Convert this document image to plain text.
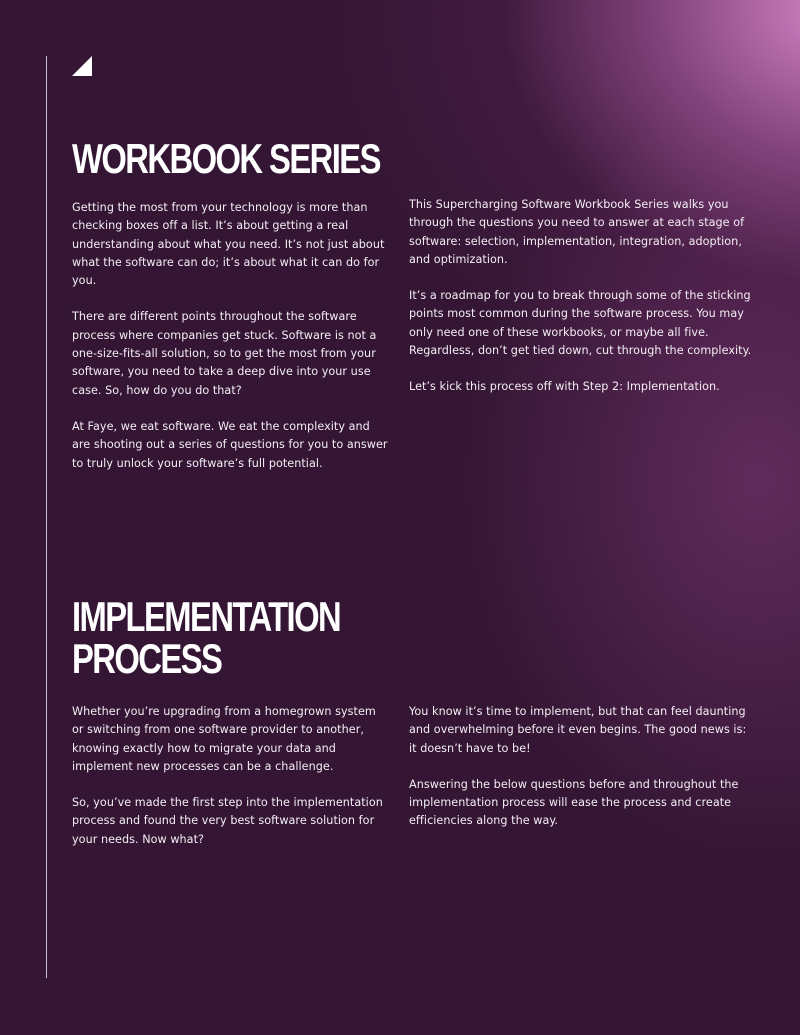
WORKBOOK SERIES

Getting the most from your technology is more than checking boxes off a list. It’s about getting a real understanding about what you need. It’s not just about what the software can do; it’s about what it can do for you.

There are different points throughout the software process where companies get stuck. Software is not a one-size-fits-all solution, so to get the most from your software, you need to take a deep dive into your use case. So, how do you do that?

At Faye, we eat software. We eat the complexity and are shooting out a series of questions for you to answer to truly unlock your software’s full potential.

This Supercharging Software Workbook Series walks you through the questions you need to answer at each stage of software: selection, implementation, integration, adoption, and optimization.

It’s a roadmap for you to break through some of the sticking points most common during the software process. You may only need one of these workbooks, or maybe all five. Regardless, don’t get tied down, cut through the complexity.

Let’s kick this process off with Step 2: Implementation.

IMPLEMENTATION
PROCESS

Whether you’re upgrading from a homegrown system or switching from one software provider to another, knowing exactly how to migrate your data and implement new processes can be a challenge.

So, you’ve made the first step into the implementation process and found the very best software solution for your needs. Now what?

You know it’s time to implement, but that can feel daunting and overwhelming before it even begins. The good news is: it doesn’t have to be!

Answering the below questions before and throughout the implementation process will ease the process and create efficiencies along the way.
